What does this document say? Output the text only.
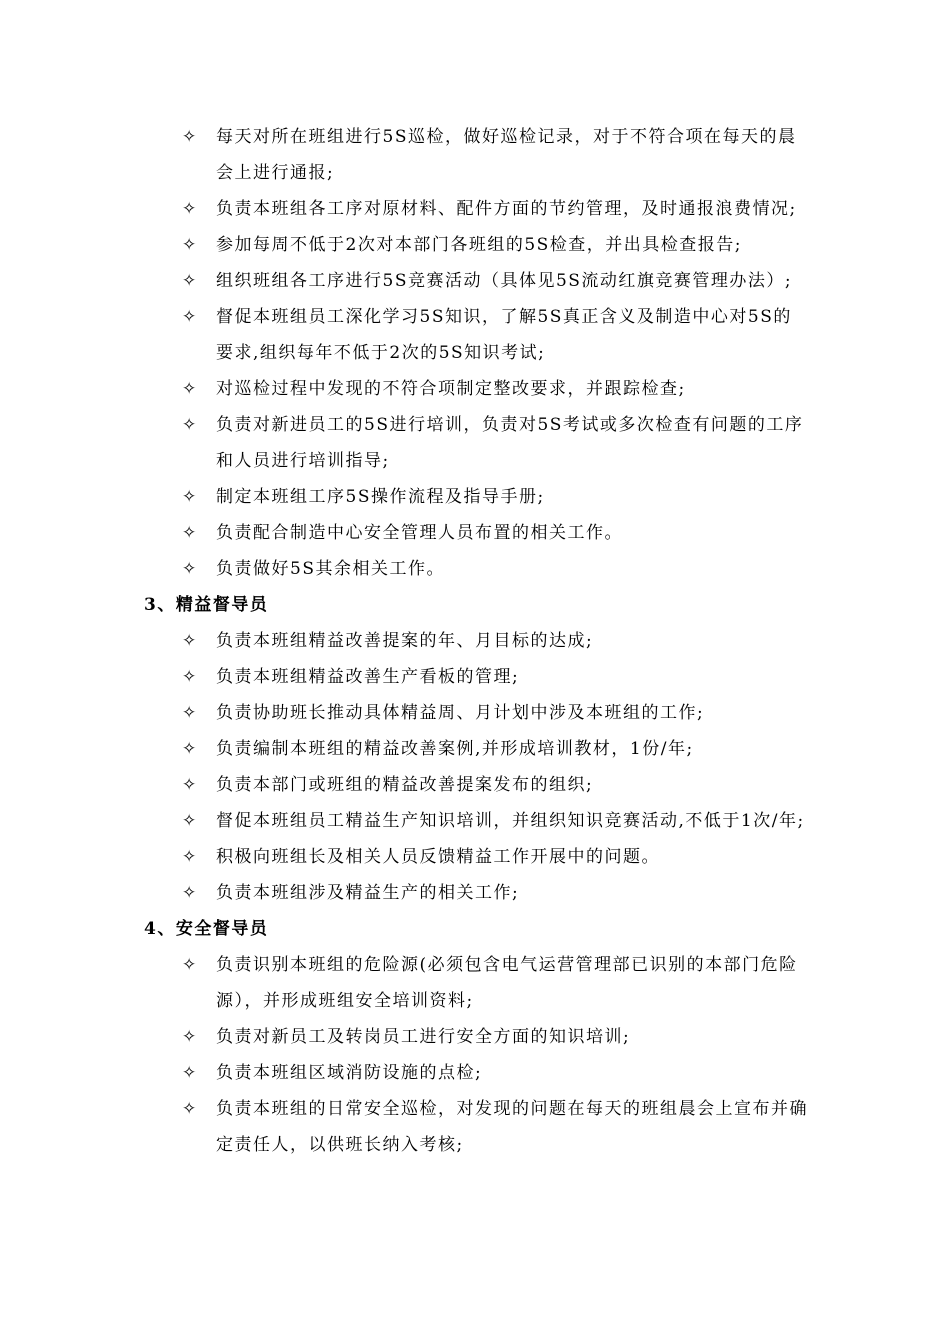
✧ 每天对所在班组进行5S巡检，做好巡检记录，对于不符合项在每天的晨会上进行通报;
✧ 负责本班组各工序对原材料、配件方面的节约管理，及时通报浪费情况;
✧ 参加每周不低于2次对本部门各班组的5S检查，并出具检查报告;
✧ 组织班组各工序进行5S竞赛活动（具体见5S流动红旗竞赛管理办法）;
✧ 督促本班组员工深化学习5S知识，了解5S真正含义及制造中心对5S的要求,组织每年不低于2次的5S知识考试;
✧ 对巡检过程中发现的不符合项制定整改要求，并跟踪检查;
✧ 负责对新进员工的5S进行培训，负责对5S考试或多次检查有问题的工序和人员进行培训指导;
✧ 制定本班组工序5S操作流程及指导手册;
✧ 负责配合制造中心安全管理人员布置的相关工作。
✧ 负责做好5S其余相关工作。
3、精益督导员
✧ 负责本班组精益改善提案的年、月目标的达成;
✧ 负责本班组精益改善生产看板的管理;
✧ 负责协助班长推动具体精益周、月计划中涉及本班组的工作;
✧ 负责编制本班组的精益改善案例,并形成培训教材，1份/年;
✧ 负责本部门或班组的精益改善提案发布的组织;
✧ 督促本班组员工精益生产知识培训，并组织知识竞赛活动,不低于1次/年;
✧ 积极向班组长及相关人员反馈精益工作开展中的问题。
✧ 负责本班组涉及精益生产的相关工作;
4、安全督导员
✧ 负责识别本班组的危险源(必须包含电气运营管理部已识别的本部门危险源），并形成班组安全培训资料;
✧ 负责对新员工及转岗员工进行安全方面的知识培训;
✧ 负责本班组区域消防设施的点检;
✧ 负责本班组的日常安全巡检，对发现的问题在每天的班组晨会上宣布并确定责任人，以供班长纳入考核;
